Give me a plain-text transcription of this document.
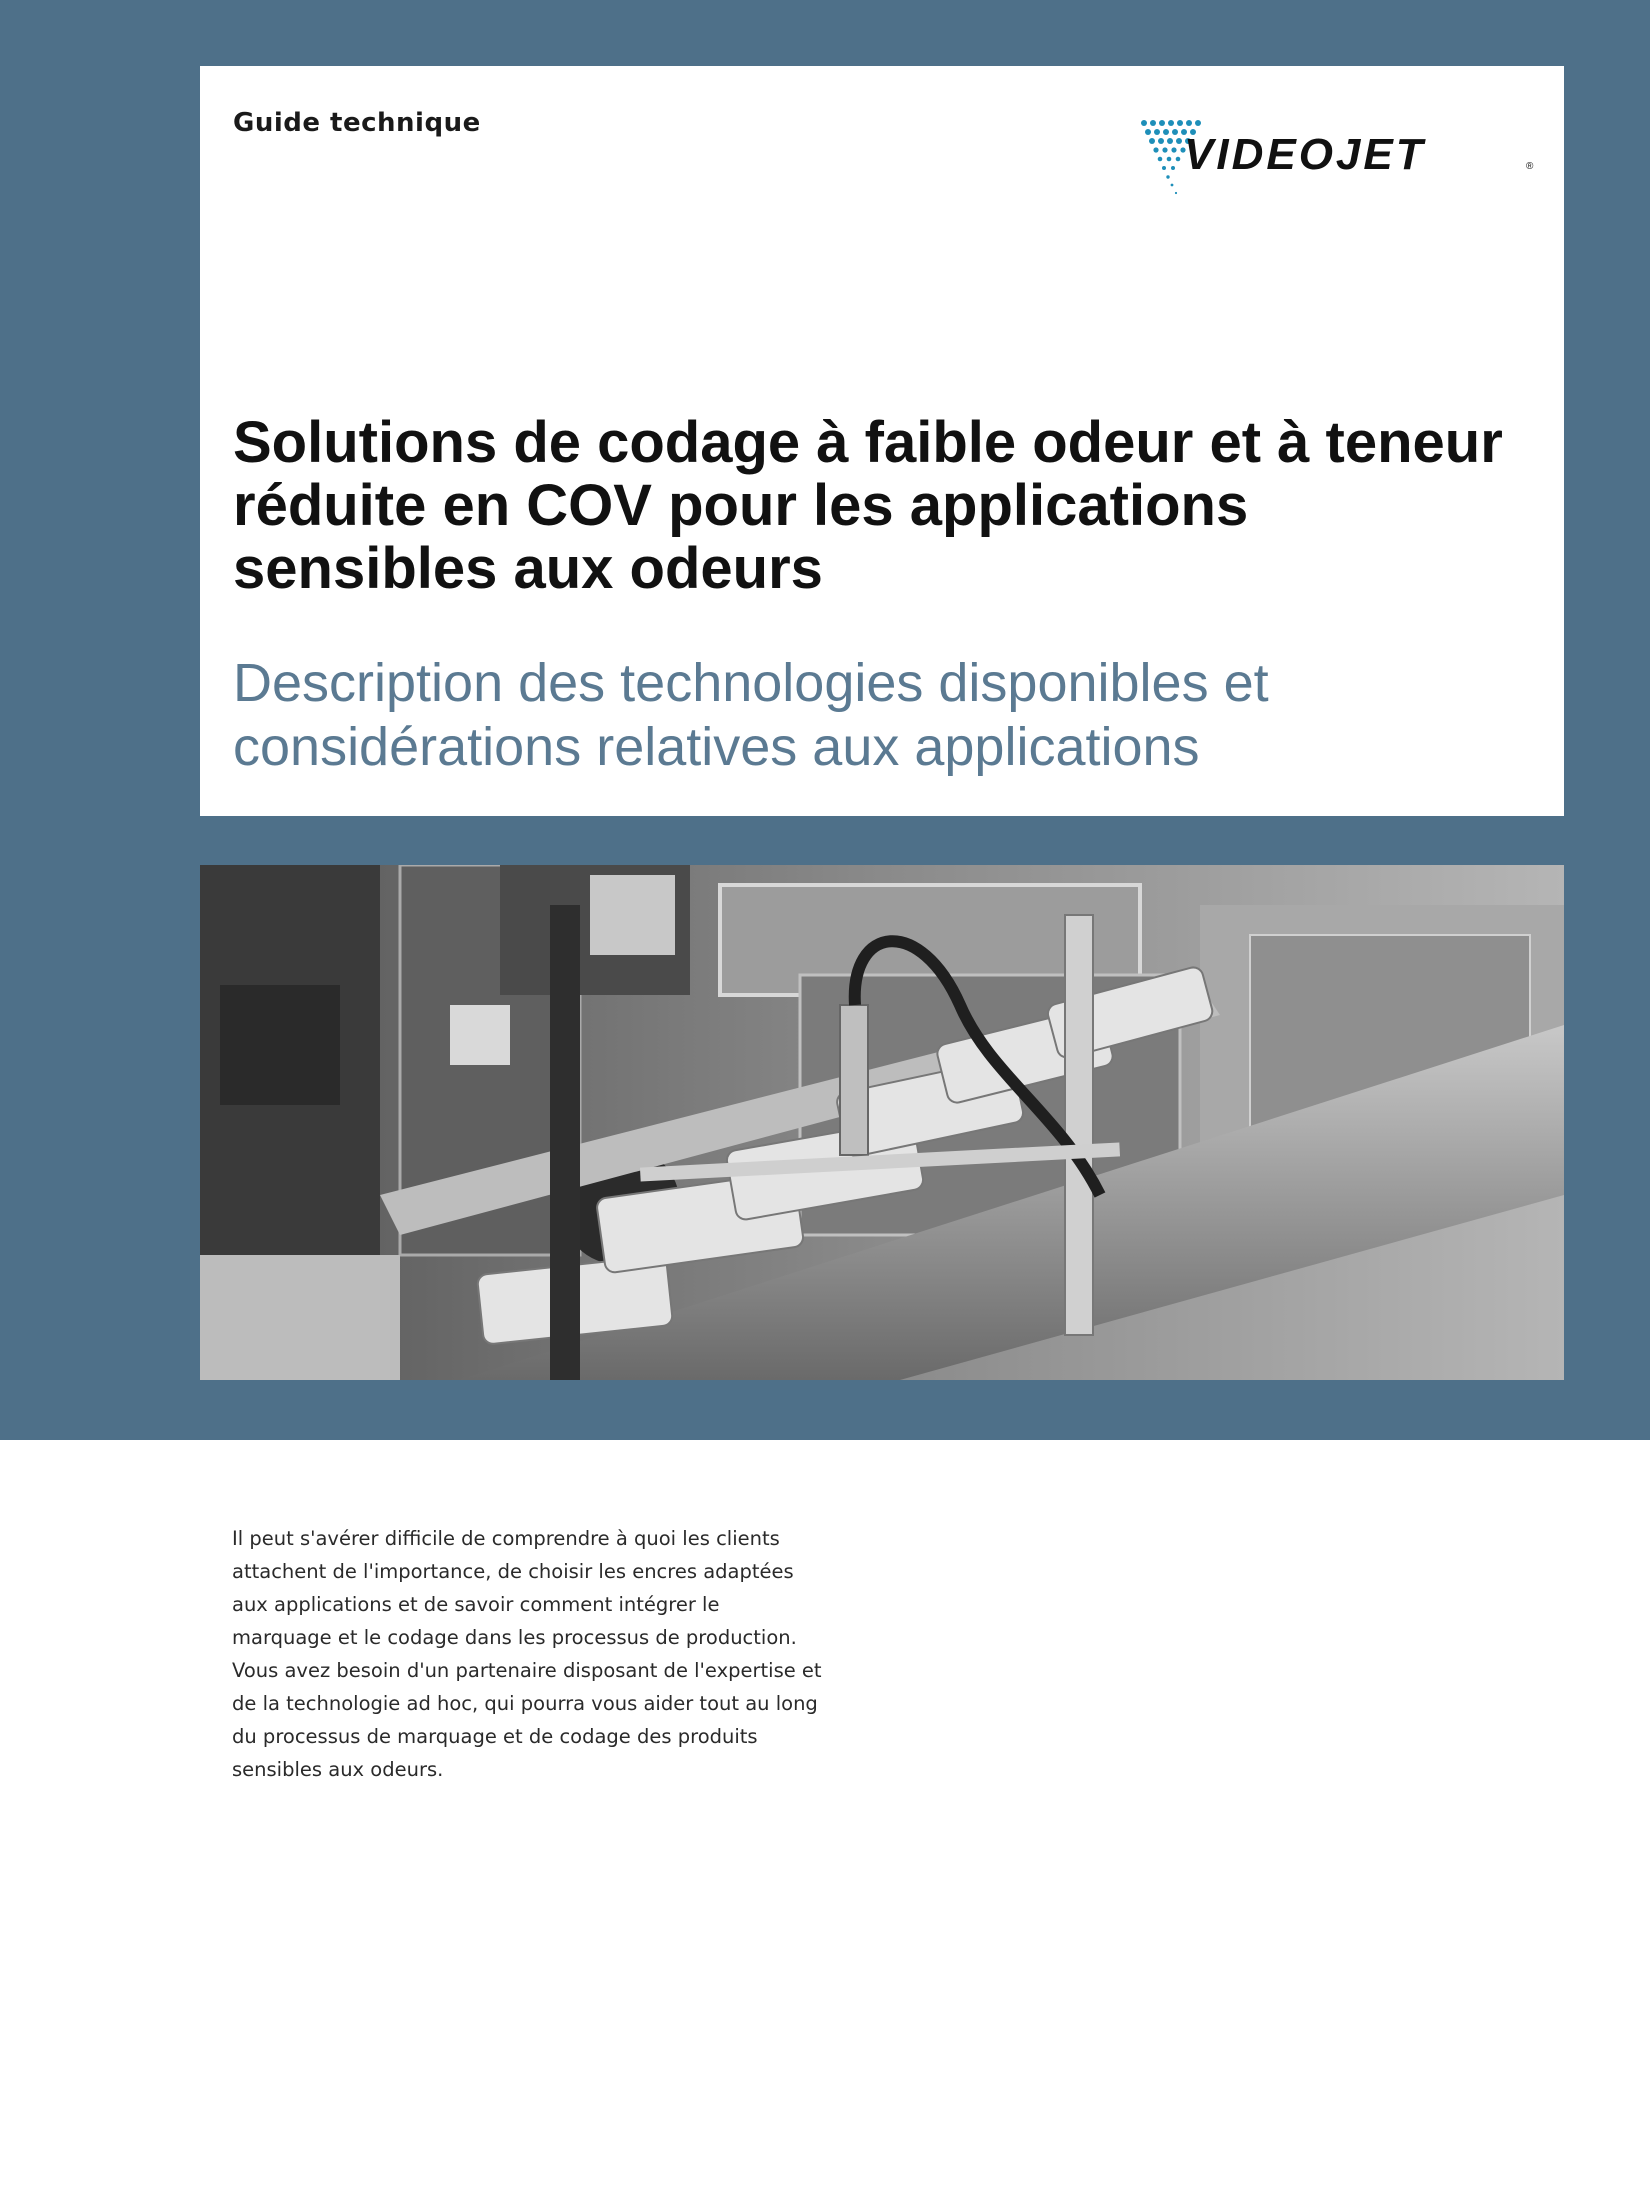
Guide technique
VIDEOJET	®
Solutions de codage à faible odeur et à teneur réduite en COV pour les applications sensibles aux odeurs
Description des technologies disponibles et considérations relatives aux applications

Il peut s'avérer difficile de comprendre à quoi les clients attachent de l'importance, de choisir les encres adaptées aux applications et de savoir comment intégrer le marquage et le codage dans les processus de production. Vous avez besoin d'un partenaire disposant de l'expertise et de la technologie ad hoc, qui pourra vous aider tout au long du processus de marquage et de codage des produits sensibles aux odeurs.
